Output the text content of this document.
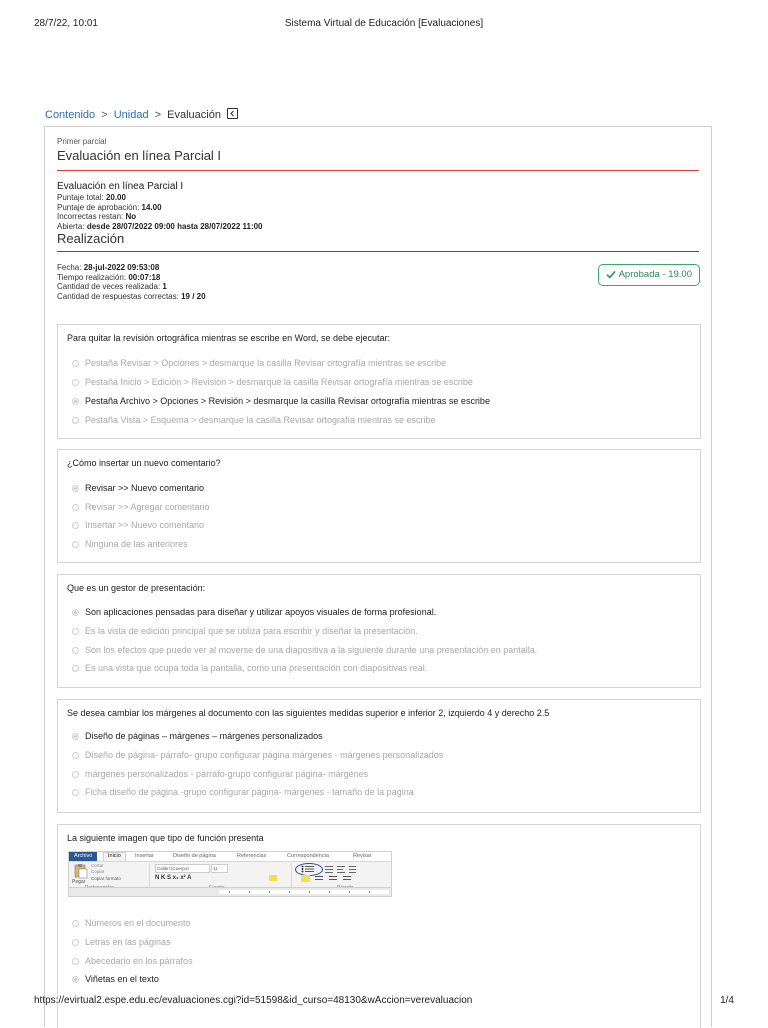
28/7/22, 10:01	Sistema Virtual de Educación [Evaluaciones]
Contenido > Unidad > Evaluación
Primer parcial
Evaluación en línea Parcial I
Evaluación en línea Parcial I
Puntaje total: 20.00
Puntaje de aprobación: 14.00
Incorrectas restan: No
Abierta: desde 28/07/2022 09:00 hasta 28/07/2022 11:00
Realización
Fecha: 28-jul-2022 09:53:08
Tiempo realización: 00:07:18
Cantidad de veces realizada: 1
Cantidad de respuestas correctas: 19 / 20
Aprobada - 19.00
Para quitar la revisión ortográfica mientras se escribe en Word, se debe ejecutar:
Pestaña Revisar > Opciones > desmarque la casilla Revisar ortografía mientras se escribe
Pestaña Inicio > Edición > Revisión > desmarque la casilla Revisar ortografía mientras se escribe
Pestaña Archivo > Opciones > Revisión > desmarque la casilla Revisar ortografía mientras se escribe
Pestaña Vista > Esquema > desmarque la casilla Revisar ortografía mientras se escribe
¿Cómo insertar un nuevo comentario?
Revisar >> Nuevo comentario
Revisar >> Agregar comentario
Insertar >> Nuevo comentario
Ninguna de las anteriores
Que es un gestor de presentación:
Son aplicaciones pensadas para diseñar y utilizar apoyos visuales de forma profesional.
Es la vista de edición principal que se utiliza para escribir y diseñar la presentación.
Son los efectos que puede ver al moverse de una diapositiva a la siguiente durante una presentación en pantalla.
Es una vista que ocupa toda la pantalla, como una presentación con diapositivas real.
Se desea cambiar los márgenes al documento con las siguientes medidas superior e inferior 2, izquierdo 4 y derecho 2.5
Diseño de páginas – márgenes – márgenes personalizados
Diseño de página- párrafo- grupo configurar página márgenes - márgenes personalizados
márgenes personalizados - párrafo-grupo configurar página- márgenes
Ficha diseño de página -grupo configurar página- márgenes - tamaño de la pagina
La siguiente imagen que tipo de función presenta
Archivo	Inicio	Insertar	Diseño de página	Referencias	Correspondencia	Revisar
Pegar
Cortar
Copiar
Copiar formato
Calibri (Cuerpo)	11
N K S x₂ x² A
Números en el documento
Letras en las páginas
Abecedario en los párrafos
Viñetas en el texto
https://evirtual2.espe.edu.ec/evaluaciones.cgi?id=51598&id_curso=48130&wAccion=verevaluacion	1/4
